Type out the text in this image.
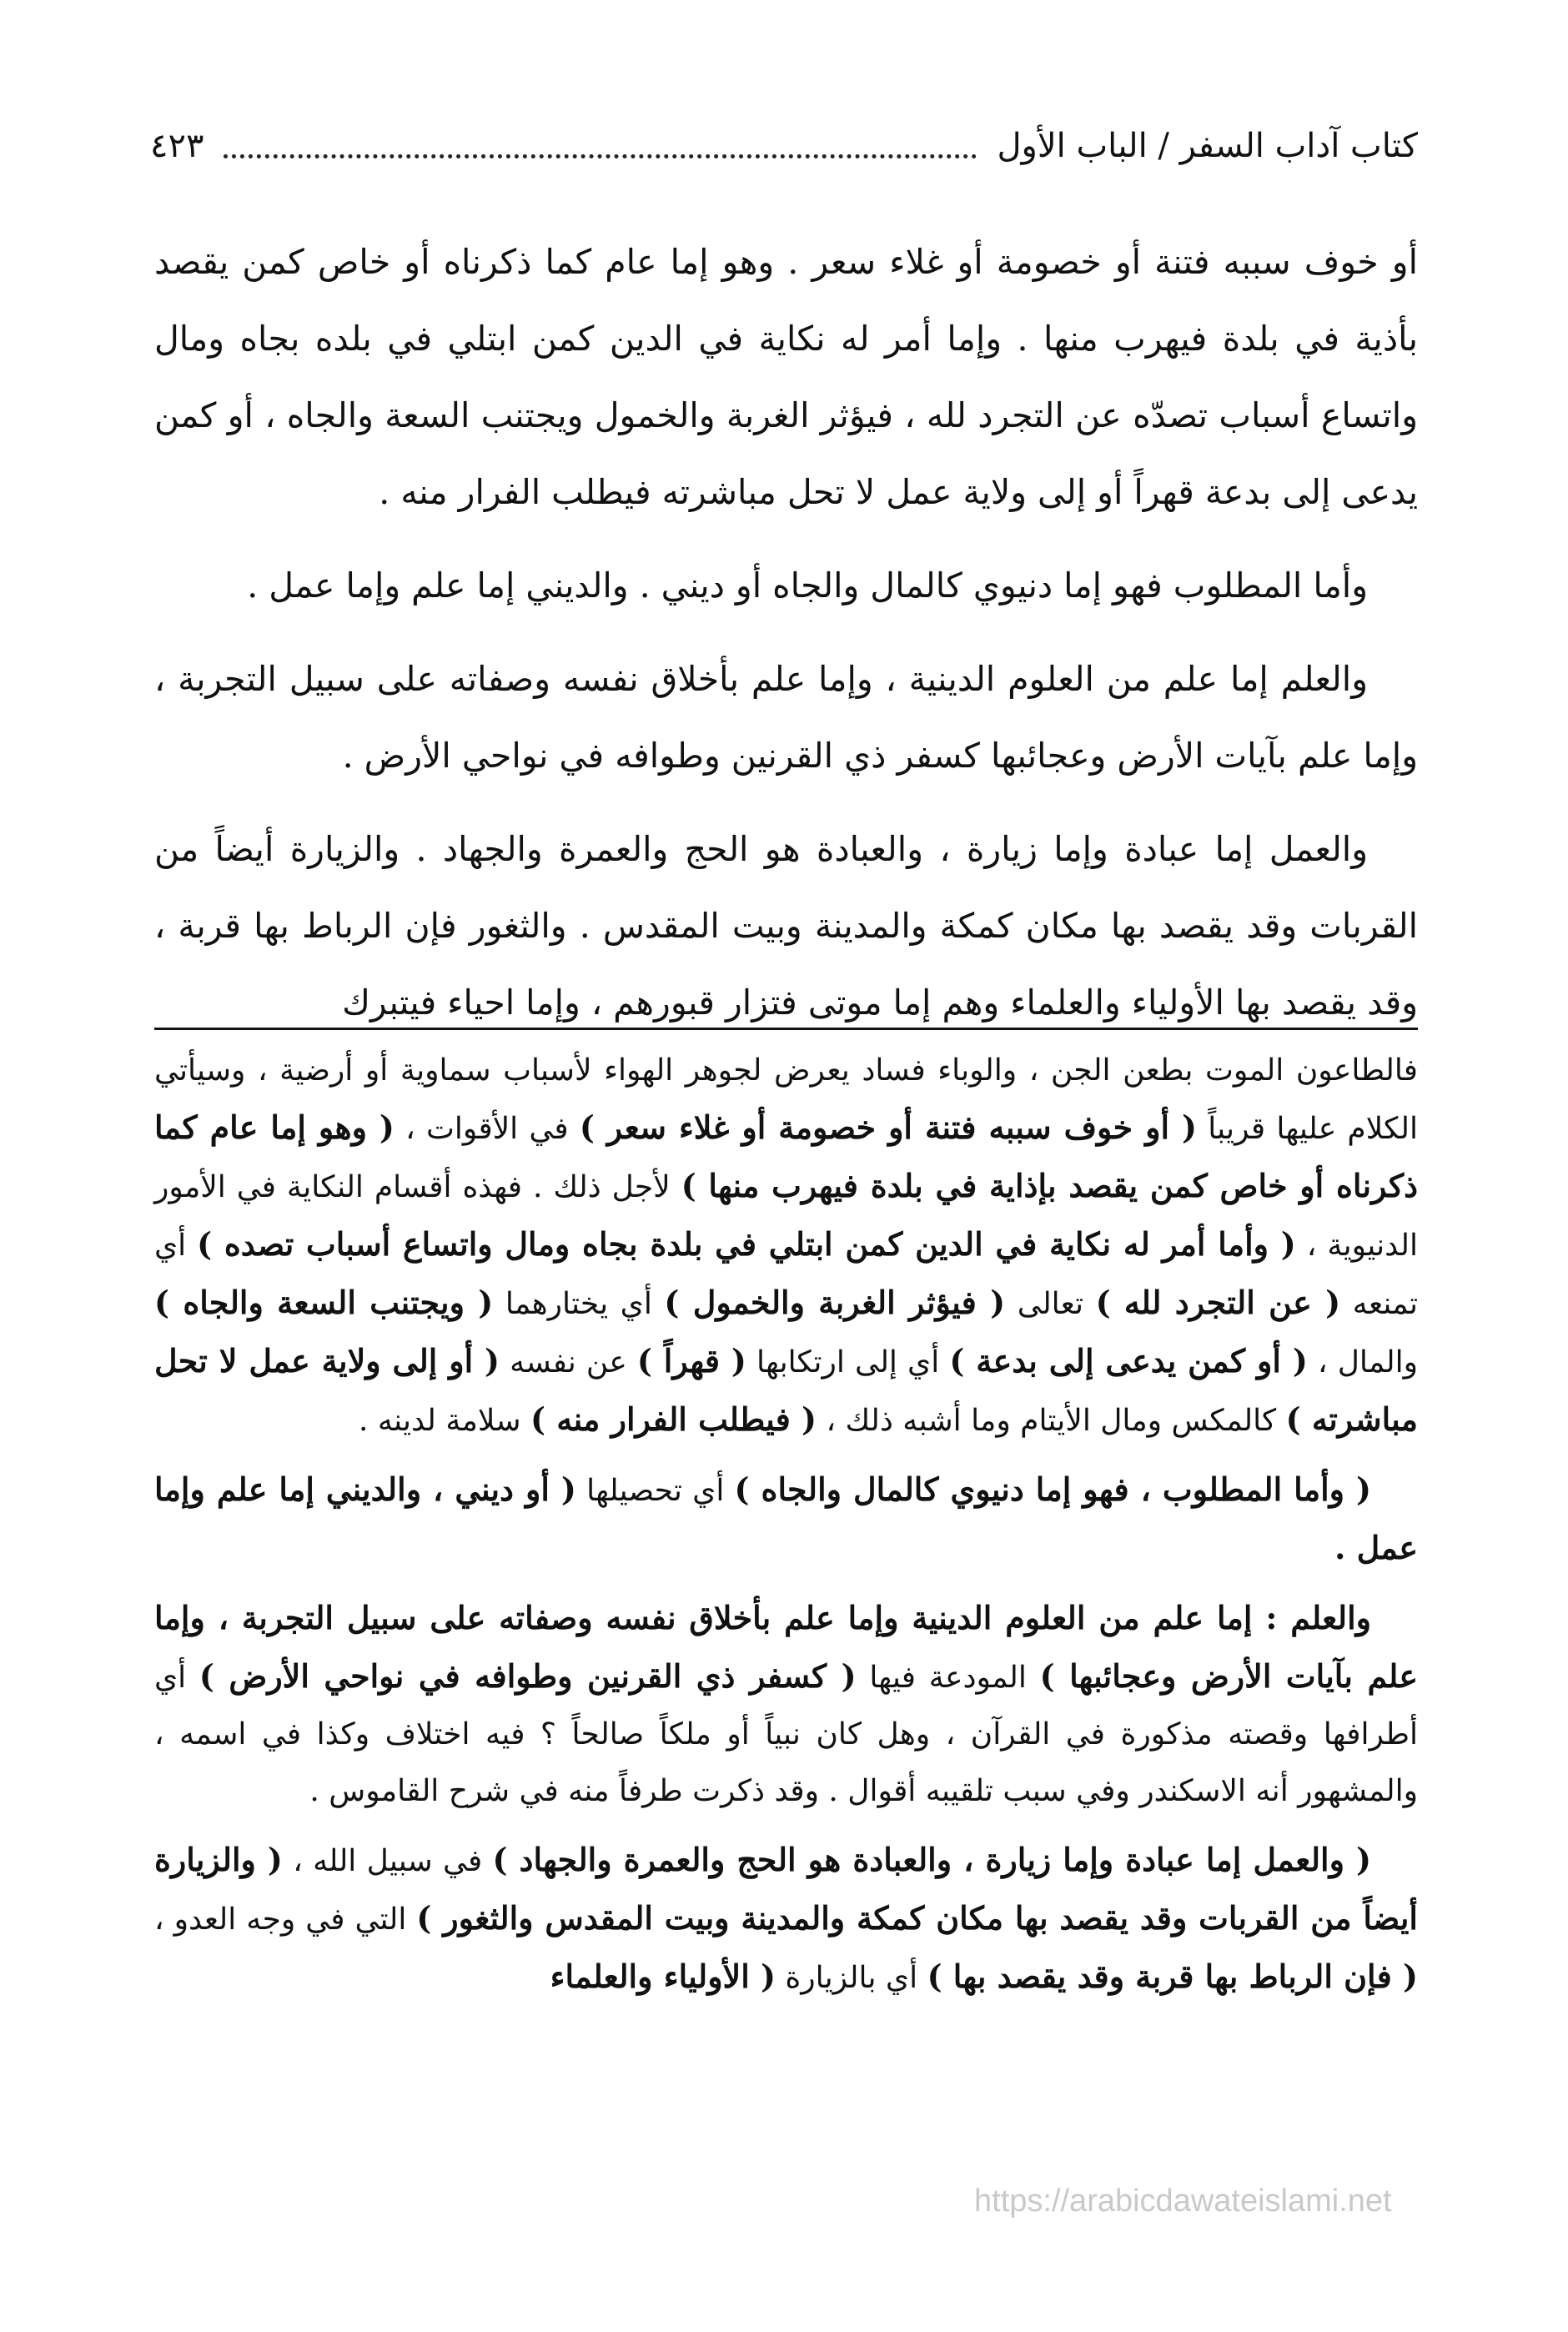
كتاب آداب السفر / الباب الأول
٤٢٣

أو خوف سببه فتنة أو خصومة أو غلاء سعر . وهو إما عام كما ذكرناه أو خاص كمن يقصد بأذية في بلدة فيهرب منها . وإما أمر له نكاية في الدين كمن ابتلي في بلده بجاه ومال واتساع أسباب تصدّه عن التجرد لله ، فيؤثر الغربة والخمول ويجتنب السعة والجاه ، أو كمن يدعى إلى بدعة قهراً أو إلى ولاية عمل لا تحل مباشرته فيطلب الفرار منه .

وأما المطلوب فهو إما دنيوي كالمال والجاه أو ديني . والديني إما علم وإما عمل .

والعلم إما علم من العلوم الدينية ، وإما علم بأخلاق نفسه وصفاته على سبيل التجربة ، وإما علم بآيات الأرض وعجائبها كسفر ذي القرنين وطوافه في نواحي الأرض .

والعمل إما عبادة وإما زيارة ، والعبادة هو الحج والعمرة والجهاد . والزيارة أيضاً من القربات وقد يقصد بها مكان كمكة والمدينة وبيت المقدس . والثغور فإن الرباط بها قربة ، وقد يقصد بها الأولياء والعلماء وهم إما موتى فتزار قبورهم ، وإما احياء فيتبرك

فالطاعون الموت بطعن الجن ، والوباء فساد يعرض لجوهر الهواء لأسباب سماوية أو أرضية ، وسيأتي الكلام عليها قريباً ( أو خوف سببه فتنة أو خصومة أو غلاء سعر ) في الأقوات ، ( وهو إما عام كما ذكرناه أو خاص كمن يقصد بإذاية في بلدة فيهرب منها ) لأجل ذلك . فهذه أقسام النكاية في الأمور الدنيوية ، ( وأما أمر له نكاية في الدين كمن ابتلي في بلدة بجاه ومال واتساع أسباب تصده ) أي تمنعه ( عن التجرد لله ) تعالى ( فيؤثر الغربة والخمول ) أي يختارهما ( ويجتنب السعة والجاه ) والمال ، ( أو كمن يدعى إلى بدعة ) أي إلى ارتكابها ( قهراً ) عن نفسه ( أو إلى ولاية عمل لا تحل مباشرته ) كالمكس ومال الأيتام وما أشبه ذلك ، ( فيطلب الفرار منه ) سلامة لدينه .

( وأما المطلوب ، فهو إما دنيوي كالمال والجاه ) أي تحصيلها ( أو ديني ، والديني إما علم وإما عمل .

والعلم : إما علم من العلوم الدينية وإما علم بأخلاق نفسه وصفاته على سبيل التجربة ، وإما علم بآيات الأرض وعجائبها ) المودعة فيها ( كسفر ذي القرنين وطوافه في نواحي الأرض ) أي أطرافها وقصته مذكورة في القرآن ، وهل كان نبياً أو ملكاً صالحاً ؟ فيه اختلاف وكذا في اسمه ، والمشهور أنه الاسكندر وفي سبب تلقيبه أقوال . وقد ذكرت طرفاً منه في شرح القاموس .

( والعمل إما عبادة وإما زيارة ، والعبادة هو الحج والعمرة والجهاد ) في سبيل الله ، ( والزيارة أيضاً من القربات وقد يقصد بها مكان كمكة والمدينة وبيت المقدس والثغور ) التي في وجه العدو ، ( فإن الرباط بها قربة وقد يقصد بها ) أي بالزيارة ( الأولياء والعلماء

https://arabicdawateislami.net
